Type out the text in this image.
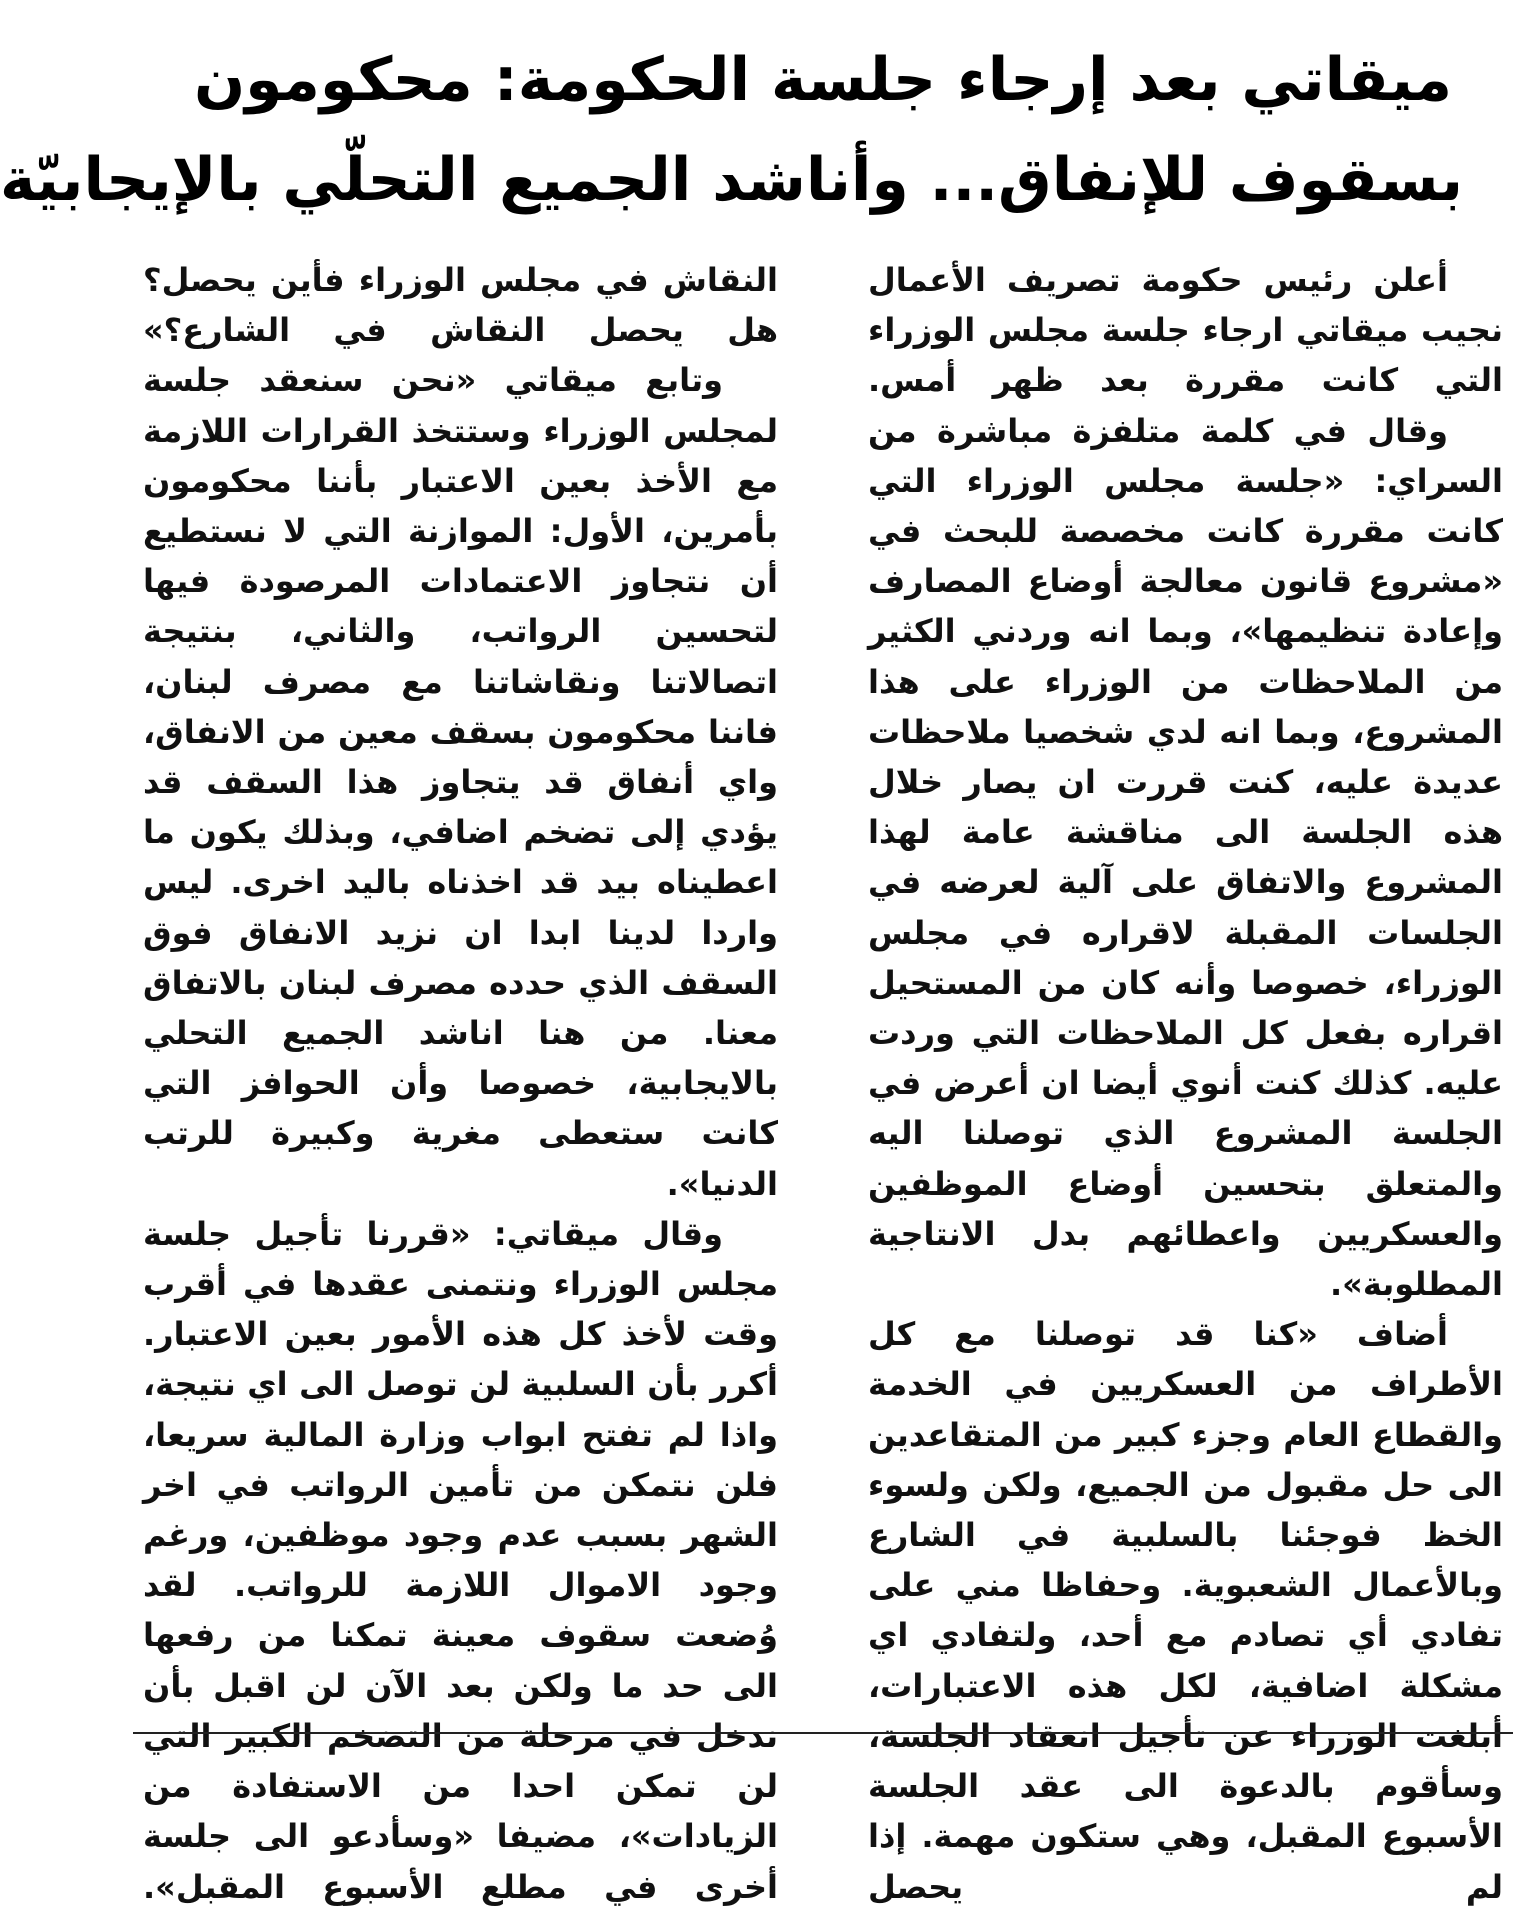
ميقاتي بعد إرجاء جلسة الحكومة: محكومون
بسقوف للإنفاق... وأناشد الجميع التحلّي بالإيجابيّة

أعلن رئيس حكومة تصريف الأعمال نجيب ميقاتي ارجاء جلسة مجلس الوزراء التي كانت مقررة بعد ظهر أمس.

وقال في كلمة متلفزة مباشرة من السراي: «جلسة مجلس الوزراء التي كانت مقررة كانت مخصصة للبحث في «مشروع قانون معالجة أوضاع المصارف وإعادة تنظيمها»، وبما انه وردني الكثير من الملاحظات من الوزراء على هذا المشروع، وبما انه لدي شخصيا ملاحظات عديدة عليه، كنت قررت ان يصار خلال هذه الجلسة الى مناقشة عامة لهذا المشروع والاتفاق على آلية لعرضه في الجلسات المقبلة لاقراره في مجلس الوزراء، خصوصا وأنه كان من المستحيل اقراره بفعل كل الملاحظات التي وردت عليه. كذلك كنت أنوي أيضا ان أعرض في الجلسة المشروع الذي توصلنا اليه والمتعلق بتحسين أوضاع الموظفين والعسكريين واعطائهم بدل الانتاجية المطلوبة».

أضاف «كنا قد توصلنا مع كل الأطراف من العسكريين في الخدمة والقطاع العام وجزء كبير من المتقاعدين الى حل مقبول من الجميع، ولكن ولسوء الخظ فوجئنا بالسلبية في الشارع وبالأعمال الشعبوية. وحفاظا مني على تفادي أي تصادم مع أحد، ولتفادي اي مشكلة اضافية، لكل هذه الاعتبارات، أبلغت الوزراء عن تأجيل انعقاد الجلسة، وسأقوم بالدعوة الى عقد الجلسة الأسبوع المقبل، وهي ستكون مهمة. إذا لم يحصل

النقاش في مجلس الوزراء فأين يحصل؟ هل يحصل النقاش في الشارع؟»

وتابع ميقاتي «نحن سنعقد جلسة لمجلس الوزراء وستتخذ القرارات اللازمة مع الأخذ بعين الاعتبار بأننا محكومون بأمرين، الأول: الموازنة التي لا نستطيع أن نتجاوز الاعتمادات المرصودة فيها لتحسين الرواتب، والثاني، بنتيجة اتصالاتنا ونقاشاتنا مع مصرف لبنان، فاننا محكومون بسقف معين من الانفاق، واي أنفاق قد يتجاوز هذا السقف قد يؤدي إلى تضخم اضافي، وبذلك يكون ما اعطيناه بيد قد اخذناه باليد اخرى. ليس واردا لدينا ابدا ان نزيد الانفاق فوق السقف الذي حدده مصرف لبنان بالاتفاق معنا. من هنا اناشد الجميع التحلي بالايجابية، خصوصا وأن الحوافز التي كانت ستعطى مغرية وكبيرة للرتب الدنيا».

وقال ميقاتي: «قررنا تأجيل جلسة مجلس الوزراء ونتمنى عقدها في أقرب وقت لأخذ كل هذه الأمور بعين الاعتبار. أكرر بأن السلبية لن توصل الى اي نتيجة، واذا لم تفتح ابواب وزارة المالية سريعا، فلن نتمكن من تأمين الرواتب في اخر الشهر بسبب عدم وجود موظفين، ورغم وجود الاموال اللازمة للرواتب. لقد وُضعت سقوف معينة تمكنا من رفعها الى حد ما ولكن بعد الآن لن اقبل بأن ندخل في مرحلة من التضخم الكبير التي لن تمكن احدا من الاستفادة من الزيادات»، مضيفا «وسأدعو الى جلسة أخرى في مطلع الأسبوع المقبل».
